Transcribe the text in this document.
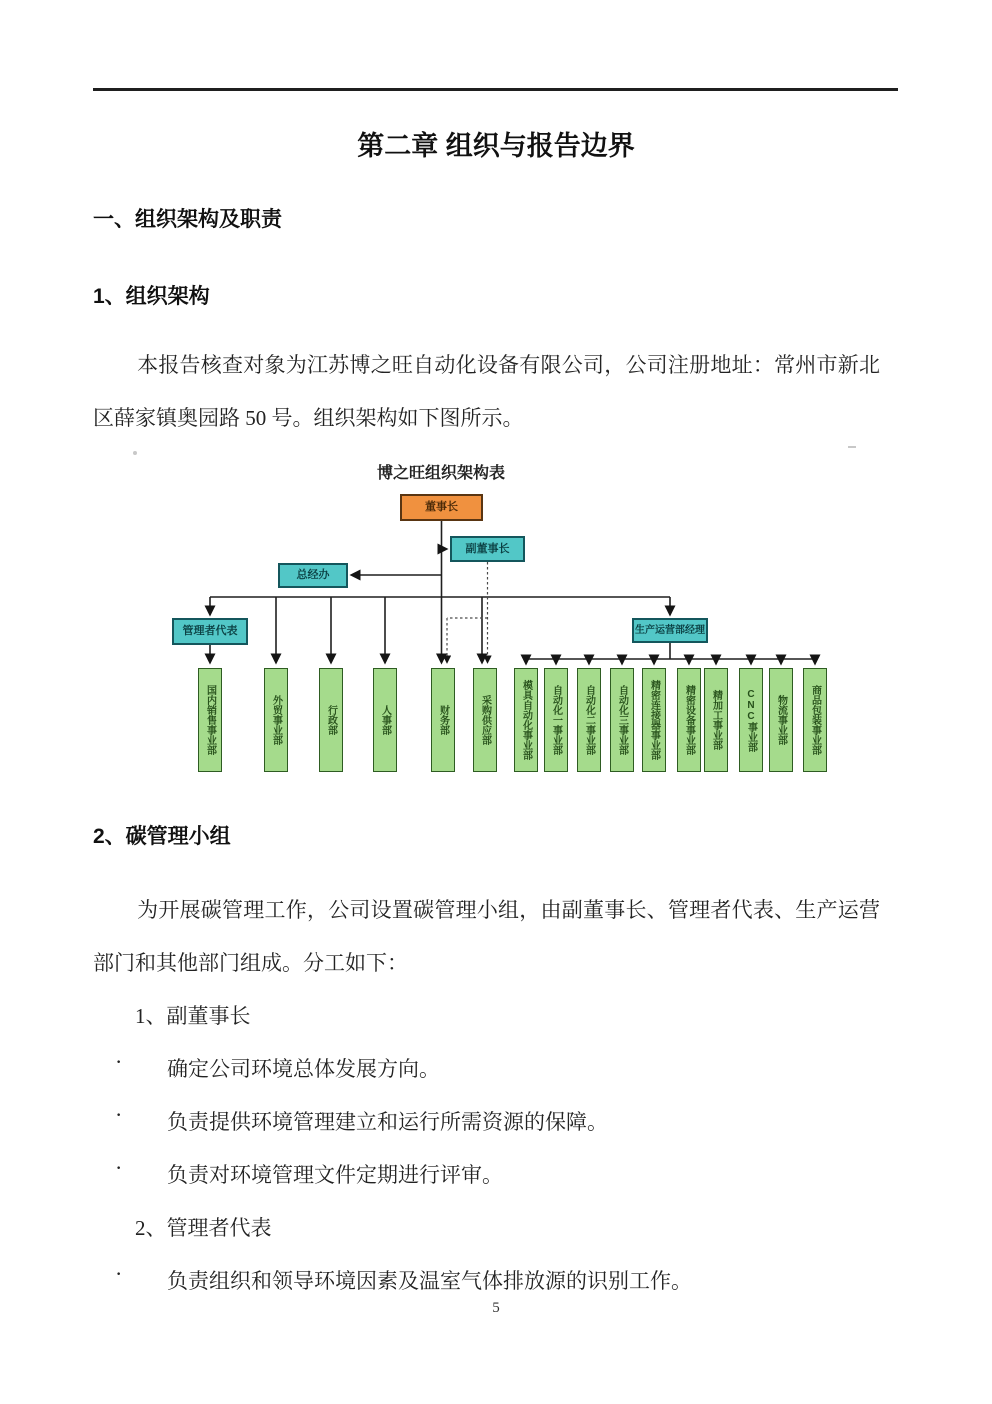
第二章 组织与报告边界
一、组织架构及职责
1、组织架构
本报告核查对象为江苏博之旺自动化设备有限公司，公司注册地址：常州市新北区薛家镇奥园路 50 号。组织架构如下图所示。
博之旺组织架构表
董事长
副董事长
总经办
管理者代表	生产运营部经理
国内销售事业部	外贸事业部	行政部	人事部	财务部	采购供应部	模具自动化事业部	自动化一事业部	自动化二事业部	自动化三事业部	精密连接器事业部	精密设备事业部	精加工事业部	CNC事业部	物流事业部	商品包装事业部
2、碳管理小组
为开展碳管理工作，公司设置碳管理小组，由副董事长、管理者代表、生产运营部门和其他部门组成。分工如下：
1、副董事长
· 确定公司环境总体发展方向。
· 负责提供环境管理建立和运行所需资源的保障。
· 负责对环境管理文件定期进行评审。
2、管理者代表
· 负责组织和领导环境因素及温室气体排放源的识别工作。
5
